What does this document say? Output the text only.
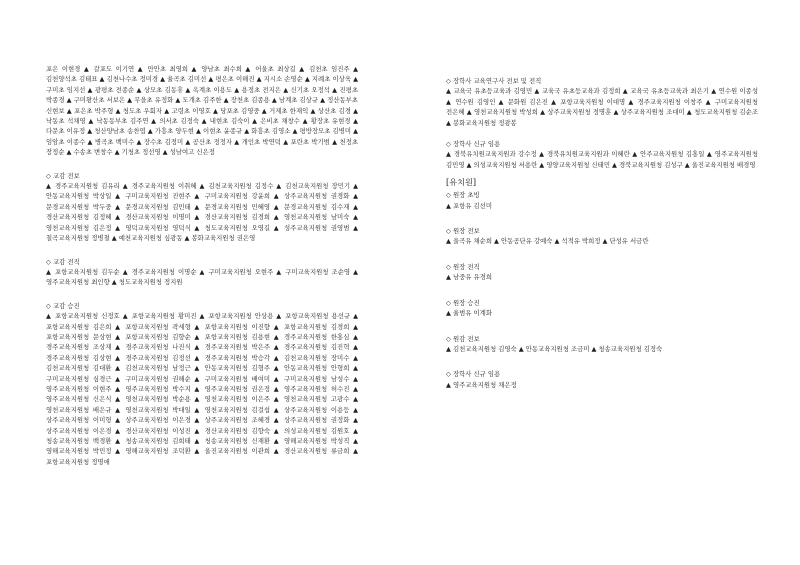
포은 이현경 ▲ 갈포도 이기연 ▲ 만안초 최영희 ▲ 양남초 최수희 ▲ 어울초 최상길 ▲ 김천초 임진주 ▲ 김천양석초 김태표 ▲ 김천나수초 정미경 ▲ 율곡초 김미선 ▲ 평은초 이해진 ▲ 지시소 손영순 ▲ 지례초 이상욱 ▲ 구미초 임지선 ▲ 광평초 전종순 ▲ 상모초 김동휴 ▲ 옥계초 이용도 ▲ 용정초 전지은 ▲ 신기초 오정석 ▲ 진평초 박종경 ▲ 구미왕산초 서보은 ▲ 무을초 유정화 ▲ 도개초 김주한 ▲ 장천초 김종용 ▲ 남계초 김상규 ▲ 정산동부초 신현보 ▲ 포은초 박주형 ▲ 청도초 우회자 ▲ 고령초 이영호 ▲ 당포초 김영중 ▲ 거제초 한재익 ▲ 상산초 김경 ▲ 낙동초 석채영 ▲ 낙동동부초 김주연 ▲ 의서초 김정숙 ▲ 내현초 김숙이 ▲ 은비초 채창수 ▲ 황장초 유현경 ▲ 다문초 이유정 ▲ 청산양남초 송찬엽 ▲ 가흥초 양두현 ▲ 이현초 윤종규 ▲ 화흥초 김영소 ▲ 평방장모초 김병미 ▲ 임암초 이종수 ▲ 병곡초 백미수 ▲ 장수초 김정미 ▲ 공산초 정정자 ▲ 개인초 박연덕 ▲ 포란초 박기범 ▲ 천정초 장정순 ▲ 수송초 변창수 ▲ 기청초 정선영 ▲ 성남여고 신은정
◇ 교감 전보
▲ 경주교육지원청 김유리 ▲ 경주교육지원청 이취혜 ▲ 김천교육지원청 김정수 ▲ 김천교육지원청 장민기 ▲ 안동교육지원청 박상일 ▲ 구미교육지원청 진현주 ▲ 구미교육지원청 강윤희 ▲ 상주교육지원청 권경화 ▲ 문경교육지원청 박두중 ▲ 문경교육지원청 김민태 ▲ 문경교육지원청 민혜영 ▲ 문경교육지원청 김수재 ▲ 경산교육지원청 김정혜 ▲ 경산교육지원청 이명미 ▲ 경산교육지원청 김경희 ▲ 영천교육지원청 남미숙 ▲ 영천교육지원청 김은정 ▲ 영덕교육지원청 영덕식 ▲ 청도교육지원청 오영길 ▲ 성주교육지원청 권영범 ▲ 칠곡교육지원청 정병철 ▲ 예천교육지원청 심광동 ▲ 봉화교육지원청 권은영
◇ 교감 전직
▲ 포항교육지원청 김두순 ▲ 경주교육지원청 이명순 ▲ 구미교육지원청 오현주 ▲ 구미교육지원청 조순영 ▲ 영주교육지원청 최인향 ▲ 청도교육지원청 정지원
◇ 교감 승진
▲ 포항교육지원청 신정호 ▲ 포항교육지원청 황미진 ▲ 포항교육지원청 안상용 ▲ 포항교육지원청 용선규 ▲ 포항교육지원청 김은희 ▲ 포항교육지원청 곽세형 ▲ 포항교육지원청 이진향 ▲ 포항교육지원청 김경희 ▲ 포항교육지원청 문상현 ▲ 포항교육지원청 김향순 ▲ 포항교육지원청 김용현 ▲ 경주교육지원청 한홍심 ▲ 경주교육지원청 조상재 ▲ 경주교육지원청 나진식 ▲ 경주교육지원청 박은주 ▲ 경주교육지원청 김진혁 ▲ 경주교육지원청 김상현 ▲ 경주교육지원청 김정선 ▲ 경주교육지원청 박승각 ▲ 김천교육지원청 장미수 ▲ 김천교육지원청 김대환 ▲ 김천교육지원청 남정근 ▲ 안동교육지원청 김형주 ▲ 안동교육지원청 안형희 ▲ 구미교육지원청 심경근 ▲ 구미교육지원청 권해순 ▲ 구미교육지원청 배여미 ▲ 구미교육지원청 남성수 ▲ 영주교육지원청 이현주 ▲ 영주교육지원청 박수지 ▲ 영주교육지원청 권은정 ▲ 영주교육지원청 허수진 ▲ 영주교육지원청 신은식 ▲ 영천교육지원청 박순용 ▲ 영천교육지원청 이은주 ▲ 영천교육지원청 고광수 ▲ 영천교육지원청 배은규 ▲ 영천교육지원청 박대일 ▲ 영천교육지원청 김걸섭 ▲ 상주교육지원청 이용등 ▲ 상주교육지원청 이미형 ▲ 상주교육지원청 이은경 ▲ 상주교육지원청 조혜경 ▲ 상주교육지원청 권정화 ▲ 상주교육지원청 이은경 ▲ 경산교육지원청 이성진 ▲ 경산교육지원청 김향숙 ▲ 의성교육지원청 김원호 ▲ 청송교육지원청 백경환 ▲ 청송교육지원청 김희태 ▲ 청송교육지원청 신재환 ▲ 영해교육지원청 박성직 ▲ 영해교육지원청 박민정 ▲ 영해교육지원청 조덕환 ▲ 울진교육지원청 이관희 ▲ 경산교육지원청 류금희 ▲ 포항교육지원청 정명애
◇ 장학사 교육연구사 전보 및 전직
▲ 교육국 유초등교육과 김영민 ▲ 교육국 유초등교육과 김정희 ▲ 교육국 유초등교육과 최은기 ▲ 연수원 이종성 ▲ 연수원 김영인 ▲ 문화원 김은진 ▲ 포항교육지원청 이대명 ▲ 경주교육지원청 이창주 ▲ 구미교육지원청 전은혜 ▲ 영천교육지원청 박성희 ▲ 상주교육지원청 정명훈 ▲ 상주교육지원청 조대미 ▲ 청도교육지원청 김순조 ▲ 봉화교육지원청 정광봉
◇ 장학사 신규 임용
▲ 경북유치원교육지원과 강수정 ▲ 경북유치원교육지원과 이혜란 ▲ 안주교육지원청 김홍일 ▲ 영주교육지원청 김민영 ▲ 의성교육지원청 서용란 ▲ 영양교육지원청 신태민 ▲ 경북교육지원청 김성구 ▲ 울진교육지원청 배경영
[유치원]
◇ 원장 초빙
▲ 포항유 김선미
◇ 원장 전보
▲ 울곡유 채순희 ▲ 안동공단유 강예숙 ▲ 석적유 박희정 ▲ 단성유 서금란
◇ 원장 전직
▲ 남중유 유경희
◇ 원장 승진
▲ 율범유 이계화
◇ 원감 전보
▲ 김천교육지원청 김영숙 ▲ 안동교육지원청 조금미 ▲ 청송교육지원청 김정숙
◇ 장학사 신규 임용
▲ 영주교육지원청 채은정
